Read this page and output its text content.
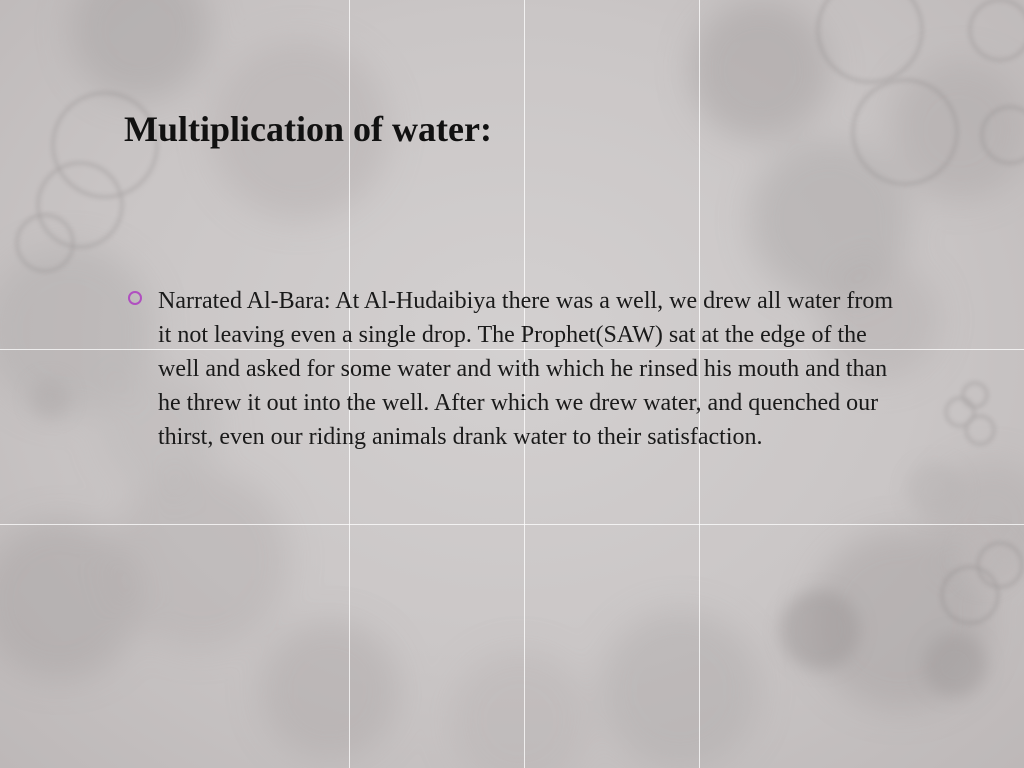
Multiplication of water:

Narrated Al-Bara: At Al-Hudaibiya there was a well, we drew all water from it not leaving even a single drop. The Prophet(SAW) sat at the edge of the well and asked for some water and with which he rinsed his mouth and than he threw it out into the well. After which we drew water, and quenched our thirst, even our riding animals drank water to their satisfaction.
